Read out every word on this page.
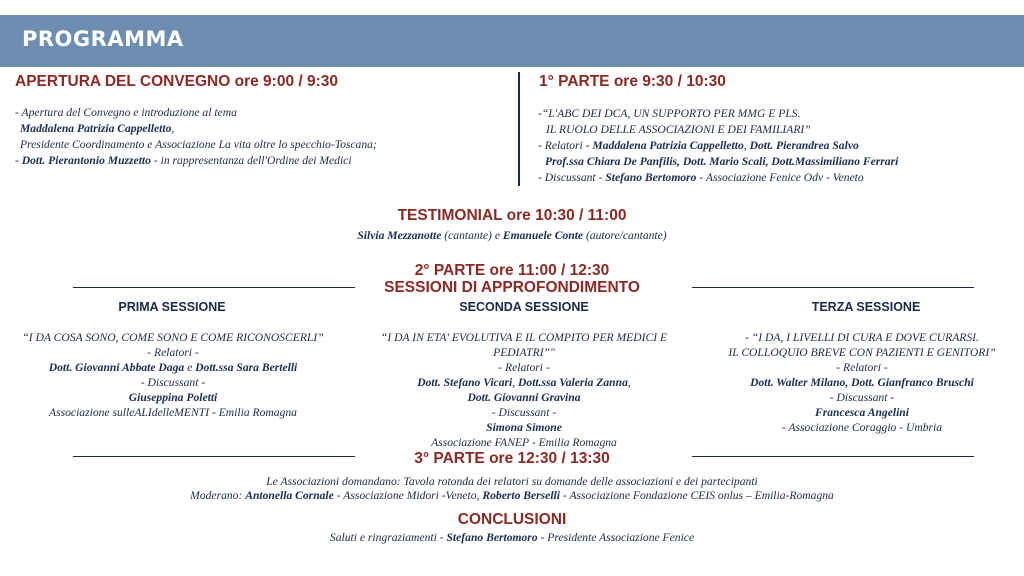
PROGRAMMA
APERTURA DEL CONVEGNO ore 9:00 / 9:30
- Apertura del Convegno e introduzione al tema
Maddalena Patrizia Cappelletto,
Presidente Coordinamento e Associazione La vita oltre lo specchio-Toscana;
- Dott. Pierantonio Muzzetto - in rappresentanza dell'Ordine dei Medici
1° PARTE ore 9:30 / 10:30
-“L'ABC DEI DCA, UN SUPPORTO PER MMG E PLS.
IL RUOLO DELLE ASSOCIAZIONI E DEI FAMILIARI”
- Relatori - Maddalena Patrizia Cappelletto, Dott. Pierandrea Salvo
Prof.ssa Chiara De Panfilis, Dott. Mario Scali, Dott.Massimiliano Ferrari
- Discussant - Stefano Bertomoro - Associazione Fenice Odv - Veneto
TESTIMONIAL ore 10:30 / 11:00
Silvia Mezzanotte (cantante) e Emanuele Conte (autore/cantante)
2° PARTE ore 11:00 / 12:30
SESSIONI DI APPROFONDIMENTO
PRIMA SESSIONE	SECONDA SESSIONE	TERZA SESSIONE
“I DA COSA SONO, COME SONO E COME RICONOSCERLI”
- Relatori -
Dott. Giovanni Abbate Daga e Dott.ssa Sara Bertelli
- Discussant -
Giuseppina Poletti
Associazione sulleALIdelleMENTI - Emilia Romagna
“I DA IN ETA' EVOLUTIVA E IL COMPITO PER MEDICI E
PEDIATRI”"
- Relatori -
Dott. Stefano Vicari, Dott.ssa Valeria Zanna,
Dott. Giovanni Gravina
- Discussant -
Simona Simone
Associazione FANEP - Emilia Romagna
- “I DA, I LIVELLI DI CURA E DOVE CURARSI.
IL COLLOQUIO BREVE CON PAZIENTI E GENITORI”
- Relatori -
Dott. Walter Milano, Dott. Gianfranco Bruschi
- Discussant -
Francesca Angelini
- Associazione Coraggio - Umbria
3° PARTE ore 12:30 / 13:30
Le Associazioni domandano: Tavola rotonda dei relatori su domande delle associazioni e dei partecipanti
Moderano: Antonella Cornale - Associazione Midori -Veneto, Roberto Berselli - Associazione Fondazione CEIS onlus – Emilia-Romagna
CONCLUSIONI
Saluti e ringraziamenti - Stefano Bertomoro - Presidente Associazione Fenice
